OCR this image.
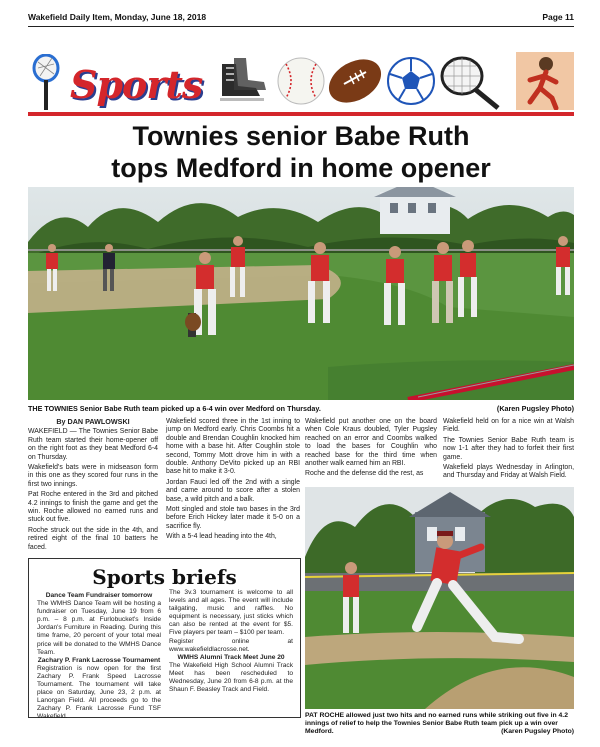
Wakefield Daily Item, Monday, June 18, 2018	Page 11
Sports
Townies senior Babe Ruth
tops Medford in home opener
THE TOWNIES Senior Babe Ruth team picked up a 6-4 win over Medford on Thursday.	(Karen Pugsley Photo)
By DAN PAWLOWSKI

WAKEFIELD — The Townies Senior Babe Ruth team started their home-opener off on the right foot as they beat Medford 6-4 on Thursday.

Wakefield's bats were in midseason form in this one as they scored four runs in the first two innings.

Pat Roche entered in the 3rd and pitched 4.2 innings to finish the game and get the win. Roche allowed no earned runs and stuck out five.

Roche struck out the side in the 4th, and retired eight of the final 10 batters he faced.

Wakefield scored three in the 1st inning to jump on Medford early. Chris Coombs hit a double and Brendan Coughlin knocked him home with a base hit. After Coughlin stole second, Tommy Mott drove him in with a double. Anthony DeVito picked up an RBI base hit to make it 3-0.

Jordan Fauci led off the 2nd with a single and came around to score after a stolen base, a wild pitch and a balk.

Mott singled and stole two bases in the 3rd before Erich Hickey later made it 5-0 on a sacrifice fly.

With a 5-4 lead heading into the 4th,

Wakefield put another one on the board when Cole Kraus doubled, Tyler Pugsley reached on an error and Coombs walked to load the bases for Coughlin who reached base for the third time when another walk earned him an RBI.

Roche and the defense did the rest, as

Wakefield held on for a nice win at Walsh Field.

The Townies Senior Babe Ruth team is now 1-1 after they had to forfeit their first game.

Wakefield plays Wednesday in Arlington, and Thursday and Friday at Walsh Field.

PAT ROCHE allowed just two hits and no earned runs while striking out five in 4.2 innings of relief to help the Townies Senior Babe Ruth team pick up a win over Medford.	(Karen Pugsley Photo)
Sports briefs
Dance Team Fundraiser tomorrow
The WMHS Dance Team will be hosting a fundraiser on Tuesday, June 19 from 6 p.m. – 8 p.m. at Furlobucket's Inside Jordan's Furniture in Reading. During this time frame, 20 percent of your total meal price will be donated to the WMHS Dance Team.
Zachary P. Frank Lacrosse Tournament
Registration is now open for the first Zachary P. Frank Speed Lacrosse Tournament. The tournament will take place on Saturday, June 23, 2 p.m. at Lanorgan Field. All proceeds go to the Zachary P. Frank Lacrosse Fund TSF Wakefield.
The 3v.3 tournament is welcome to all levels and all ages. The event will include tailgating, music and raffles. No equipment is necessary, just sticks which can also be rented at the event for $5. Five players per team – $100 per team.
Register online at www.wakefieldlacrosse.net.
WMHS Alumni Track Meet June 20
The Wakefield High School Alumni Track Meet has been rescheduled to Wednesday, June 20 from 6-8 p.m. at the Shaun F. Beasley Track and Field.
